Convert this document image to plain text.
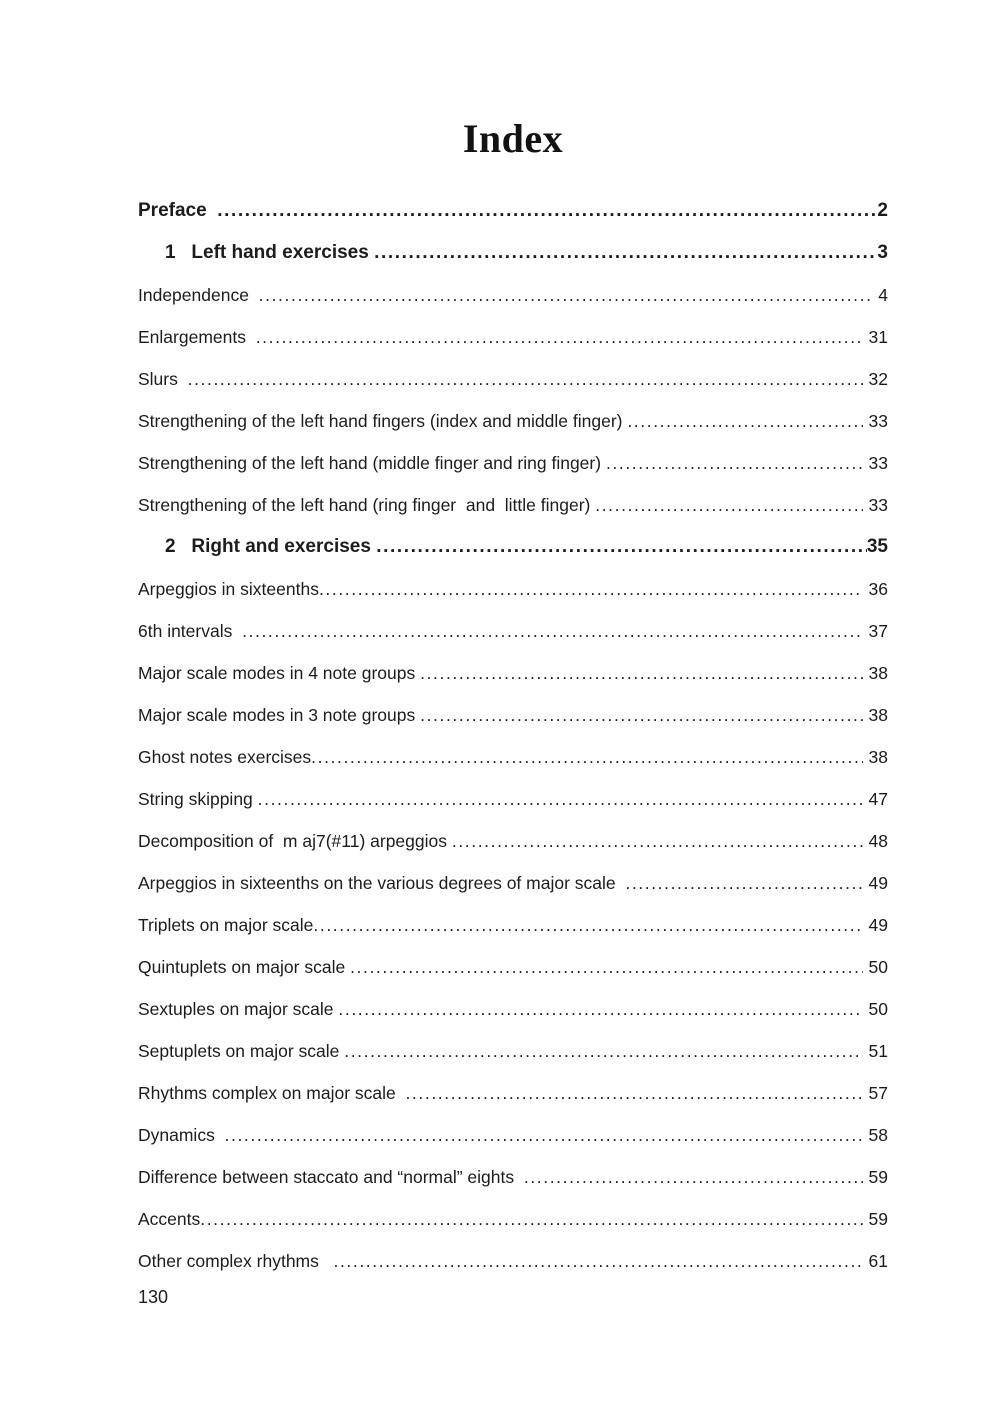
Index
Preface .....	2
1   Left hand exercises .....	3
Independence .....	4
Enlargements .....	31
Slurs .....	32
Strengthening of the left hand fingers (index and middle finger) .....	33
Strengthening of the left hand (middle finger and ring finger) .....	33
Strengthening of the left hand (ring finger  and  little finger) .....	33
2   Right and exercises .....	35
Arpeggios in sixteenths .....	36
6th intervals .....	37
Major scale modes in 4 note groups .....	38
Major scale modes in 3 note groups .....	38
Ghost notes exercises .....	38
String skipping .....	47
Decomposition of  m aj7(#11) arpeggios .....	48
Arpeggios in sixteenths on the various degrees of major scale .....	49
Triplets on major scale .....	49
Quintuplets on major scale .....	50
Sextuples on major scale .....	50
Septuplets on major scale .....	51
Rhythms complex on major scale .....	57
Dynamics .....	58
Difference between staccato and “normal” eights .....	59
Accents .....	59
Other complex rhythms .....	61
130
